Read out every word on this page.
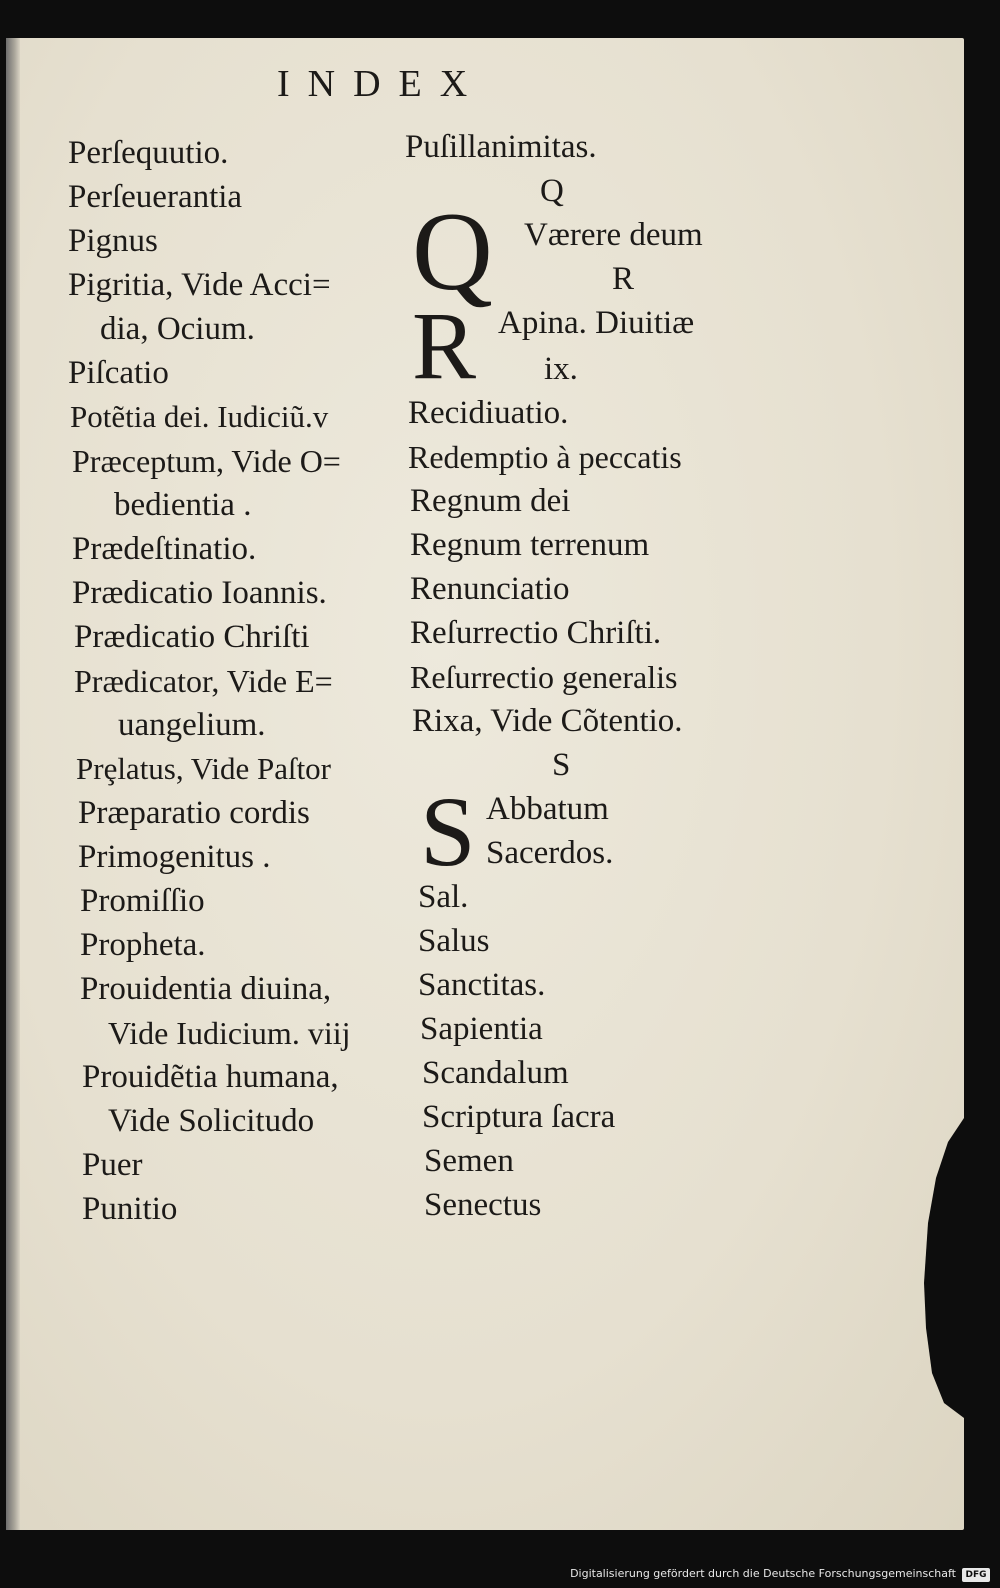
INDEX
Perſequutio.
Perſeuerantia
Pignus
Pigritia, Vide Acci=
dia, Ocium.
Piſcatio
Potẽtia dei. Iudiciũ.v
Præceptum, Vide O=
bedientia .
Prædeſtinatio.
Prædicatio Ioannis.
Prædicatio Chriſti
Prædicator, Vide E=
uangelium.
Prȩlatus, Vide Paſtor
Præparatio cordis
Primogenitus .
Promiſſio
Propheta.
Prouidentia diuina,
Vide Iudicium. viij
Prouidẽtia humana,
Vide Solicitudo
Puer
Punitio
Puſillanimitas.
Q
Q Værere deum
R
R Apina. Diuitiæ
ix.
Recidiuatio.
Redemptio à peccatis
Regnum dei
Regnum terrenum
Renunciatio
Reſurrectio Chriſti.
Reſurrectio generalis
Rixa, Vide Cõtentio.
S
S Abbatum
Sacerdos.
Sal.
Salus
Sanctitas.
Sapientia
Scandalum
Scriptura ſacra
Semen
Senectus
Digitalisierung gefördert durch die Deutsche Forschungsgemeinschaft	DFG
